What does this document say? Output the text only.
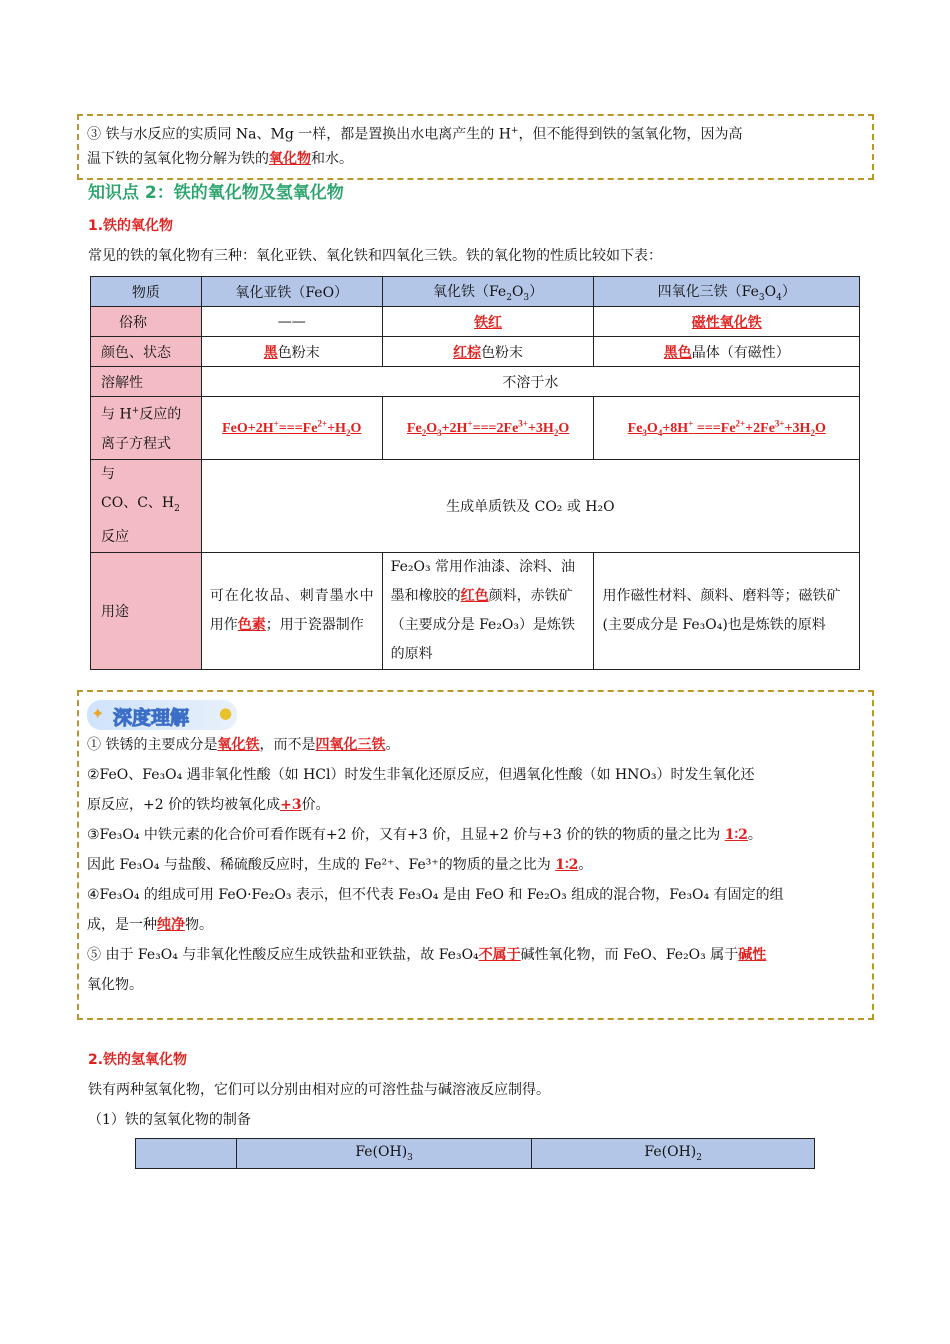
③ 铁与水反应的实质同 Na、Mg 一样，都是置换出水电离产生的 H+，但不能得到铁的氢氧化物，因为高
温下铁的氢氧化物分解为铁的氧化物和水。
知识点 2：铁的氧化物及氢氧化物
1.铁的氧化物
常见的铁的氧化物有三种：氧化亚铁、氧化铁和四氧化三铁。铁的氧化物的性质比较如下表：
物质	氧化亚铁（FeO）	氧化铁$(Fe_2O_3)$	四氧化三铁$(Fe_3O_4)$
俗称	——	铁红	磁性氧化铁
颜色、状态	黑色粉末	红棕色粉末	黑色晶体（有磁性）
溶解性	不溶于水		
与 H+反应的
离子方程式	$FeO+2H^+===Fe^{2+}+H_2O$	$Fe_2O_3+2H^+===2Fe^{3+}+3H_2O$	$Fe_3O_4+8H^+ ===Fe^{2+}+2Fe^{3+}+3H_2O$
与
CO、C、$H_2$
反应	生成单质铁及 CO₂ 或 H₂O		
用途	可在化妆品、刺青墨水中用作色素；用于瓷器制作	Fe₂O₃ 常用作油漆、涂料、油墨和橡胶的红色颜料，赤铁矿（主要成分是 Fe₂O₃）是炼铁的原料	用作磁性材料、颜料、磨料等；磁铁矿(主要成分是 Fe₃O₄)也是炼铁的原料
✦ 深度理解 ●
① 铁锈的主要成分是氧化铁，而不是四氧化三铁。
②FeO、Fe₃O₄ 遇非氧化性酸（如 HCl）时发生非氧化还原反应，但遇氧化性酸（如 HNO₃）时发生氧化还
原反应，+2 价的铁均被氧化成+3价。
③Fe₃O₄ 中铁元素的化合价可看作既有+2 价，又有+3 价，且显+2 价与+3 价的铁的物质的量之比为 1∶2。
因此 Fe₃O₄ 与盐酸、稀硫酸反应时，生成的 Fe²⁺、Fe³⁺的物质的量之比为 1∶2。
④Fe₃O₄ 的组成可用 FeO·Fe₂O₃ 表示，但不代表 Fe₃O₄ 是由 FeO 和 Fe₂O₃ 组成的混合物，Fe₃O₄ 有固定的组
成，是一种纯净物。
⑤ 由于 Fe₃O₄ 与非氧化性酸反应生成铁盐和亚铁盐，故 Fe₃O₄不属于碱性氧化物，而 FeO、Fe₂O₃ 属于碱性
氧化物。
2.铁的氢氧化物
铁有两种氢氧化物，它们可以分别由相对应的可溶性盐与碱溶液反应制得。
（1）铁的氢氧化物的制备
	$Fe(OH)_3$	$Fe(OH)_2$
